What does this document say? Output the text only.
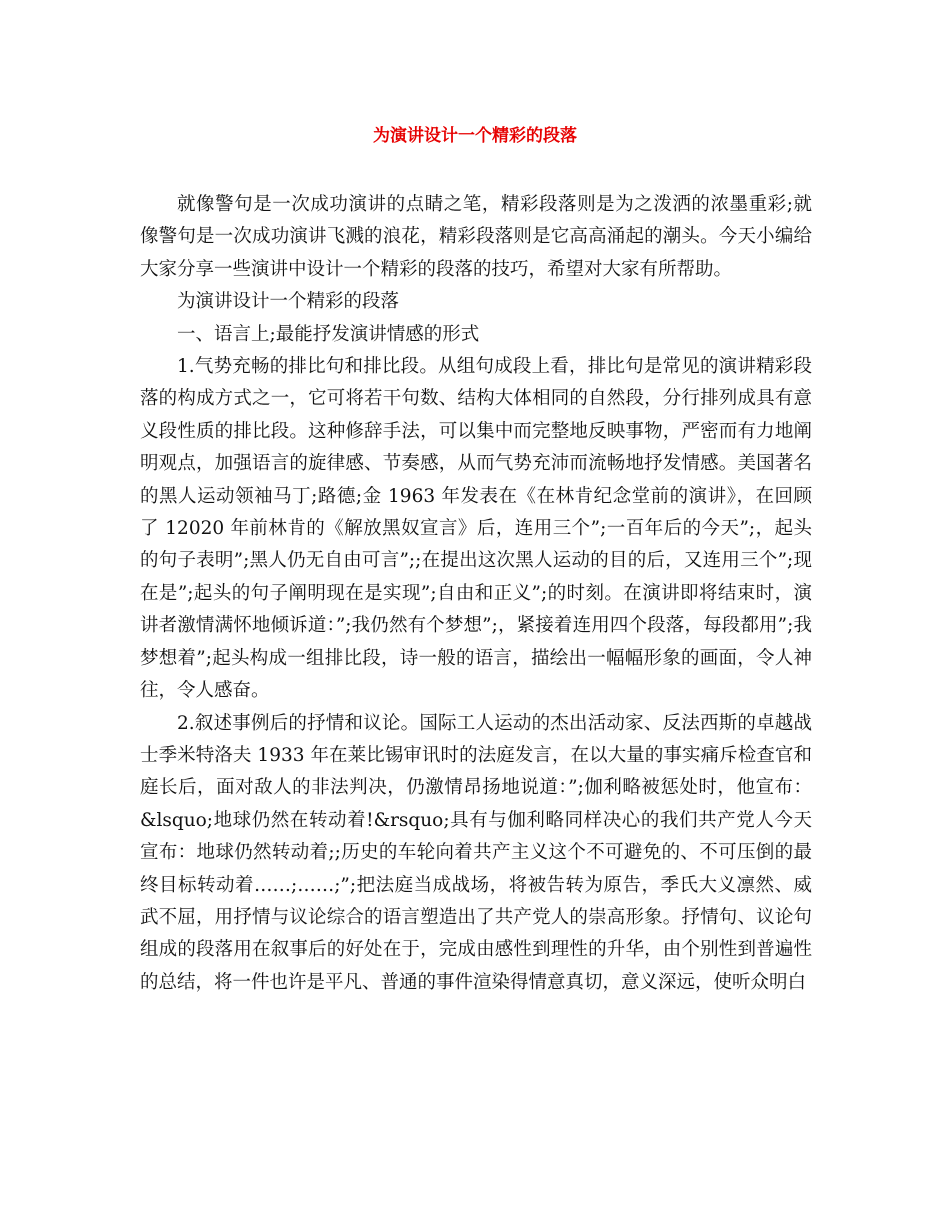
为演讲设计一个精彩的段落

就像警句是一次成功演讲的点睛之笔，精彩段落则是为之泼洒的浓墨重彩;就像警句是一次成功演讲飞溅的浪花，精彩段落则是它高高涌起的潮头。今天小编给大家分享一些演讲中设计一个精彩的段落的技巧，希望对大家有所帮助。

为演讲设计一个精彩的段落

一、语言上;最能抒发演讲情感的形式

1.气势充畅的排比句和排比段。从组句成段上看，排比句是常见的演讲精彩段落的构成方式之一，它可将若干句数、结构大体相同的自然段，分行排列成具有意义段性质的排比段。这种修辞手法，可以集中而完整地反映事物，严密而有力地阐明观点，加强语言的旋律感、节奏感，从而气势充沛而流畅地抒发情感。美国著名的黑人运动领袖马丁;路德;金 1963 年发表在《在林肯纪念堂前的演讲》，在回顾了 12020 年前林肯的《解放黑奴宣言》后，连用三个”;一百年后的今天”;，起头的句子表明”;黑人仍无自由可言”;;在提出这次黑人运动的目的后，又连用三个”;现在是”;起头的句子阐明现在是实现”;自由和正义”;的时刻。在演讲即将结束时，演讲者激情满怀地倾诉道：”;我仍然有个梦想”;，紧接着连用四个段落，每段都用”;我梦想着”;起头构成一组排比段，诗一般的语言，描绘出一幅幅形象的画面，令人神往，令人感奋。

2.叙述事例后的抒情和议论。国际工人运动的杰出活动家、反法西斯的卓越战士季米特洛夫 1933 年在莱比锡审讯时的法庭发言，在以大量的事实痛斥检查官和庭长后，面对敌人的非法判决，仍激情昂扬地说道：”;伽利略被惩处时，他宣布：&lsquo;地球仍然在转动着!&rsquo;具有与伽利略同样决心的我们共产党人今天宣布：地球仍然转动着;;历史的车轮向着共产主义这个不可避免的、不可压倒的最终目标转动着……;……;”;把法庭当成战场，将被告转为原告，季氏大义凛然、威武不屈，用抒情与议论综合的语言塑造出了共产党人的崇高形象。抒情句、议论句组成的段落用在叙事后的好处在于，完成由感性到理性的升华，由个别性到普遍性的总结，将一件也许是平凡、普通的事件渲染得情意真切，意义深远，使听众明白
